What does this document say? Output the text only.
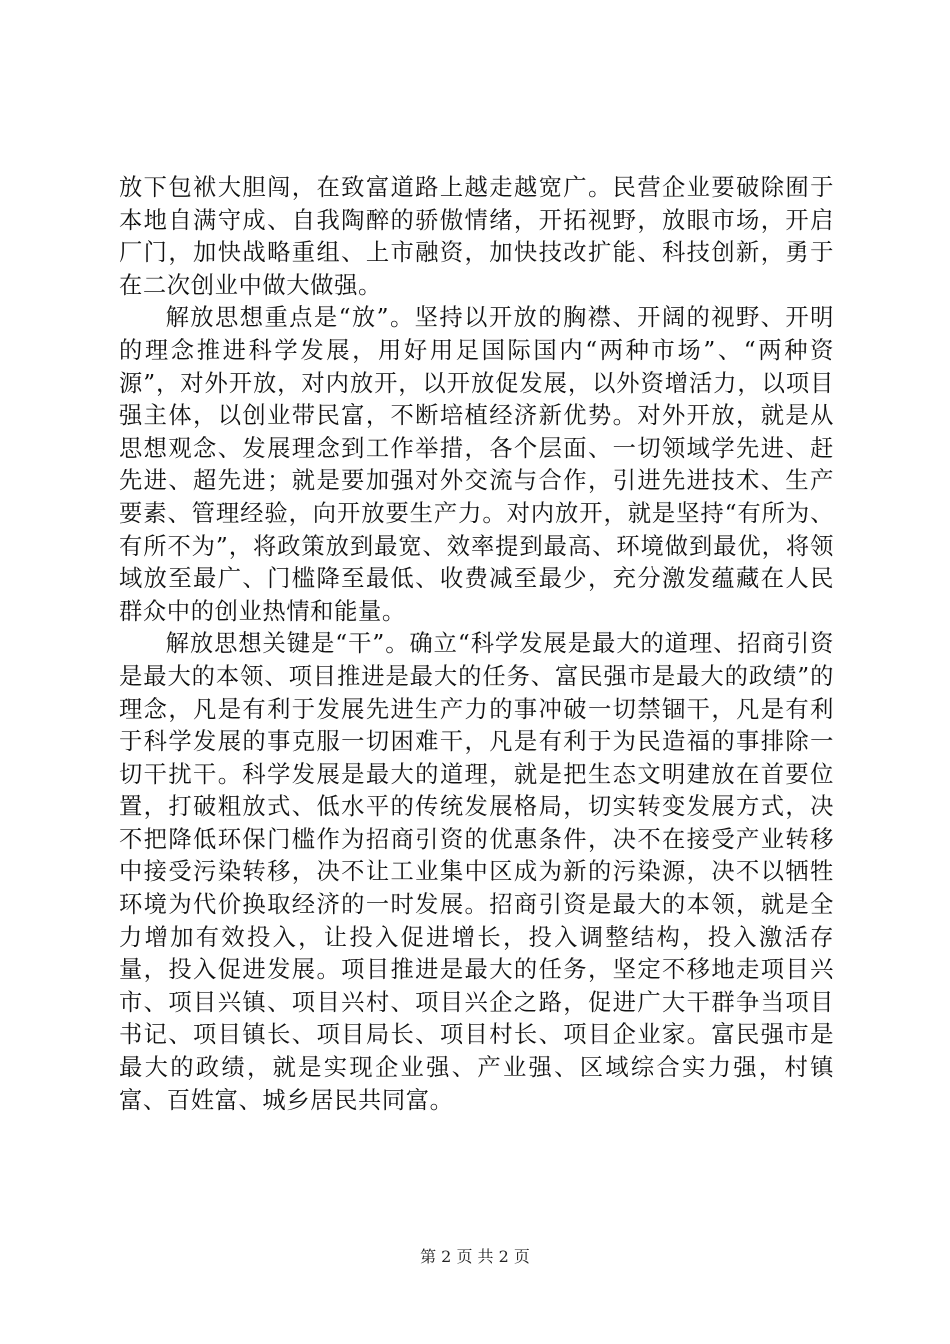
放下包袱大胆闯，在致富道路上越走越宽广。民营企业要破除囿于本地自满守成、自我陶醉的骄傲情绪，开拓视野，放眼市场，开启厂门，加快战略重组、上市融资，加快技改扩能、科技创新，勇于在二次创业中做大做强。

解放思想重点是“放”。坚持以开放的胸襟、开阔的视野、开明的理念推进科学发展，用好用足国际国内“两种市场”、“两种资源”，对外开放，对内放开，以开放促发展，以外资增活力，以项目强主体，以创业带民富，不断培植经济新优势。对外开放，就是从思想观念、发展理念到工作举措，各个层面、一切领域学先进、赶先进、超先进；就是要加强对外交流与合作，引进先进技术、生产要素、管理经验，向开放要生产力。对内放开，就是坚持“有所为、有所不为”，将政策放到最宽、效率提到最高、环境做到最优，将领域放至最广、门槛降至最低、收费减至最少，充分激发蕴藏在人民群众中的创业热情和能量。

解放思想关键是“干”。确立“科学发展是最大的道理、招商引资是最大的本领、项目推进是最大的任务、富民强市是最大的政绩”的理念，凡是有利于发展先进生产力的事冲破一切禁锢干，凡是有利于科学发展的事克服一切困难干，凡是有利于为民造福的事排除一切干扰干。科学发展是最大的道理，就是把生态文明建放在首要位置，打破粗放式、低水平的传统发展格局，切实转变发展方式，决不把降低环保门槛作为招商引资的优惠条件，决不在接受产业转移中接受污染转移，决不让工业集中区成为新的污染源，决不以牺牲环境为代价换取经济的一时发展。招商引资是最大的本领，就是全力增加有效投入，让投入促进增长，投入调整结构，投入激活存量，投入促进发展。项目推进是最大的任务，坚定不移地走项目兴市、项目兴镇、项目兴村、项目兴企之路，促进广大干群争当项目书记、项目镇长、项目局长、项目村长、项目企业家。富民强市是最大的政绩，就是实现企业强、产业强、区域综合实力强，村镇富、百姓富、城乡居民共同富。

第 2 页 共 2 页
